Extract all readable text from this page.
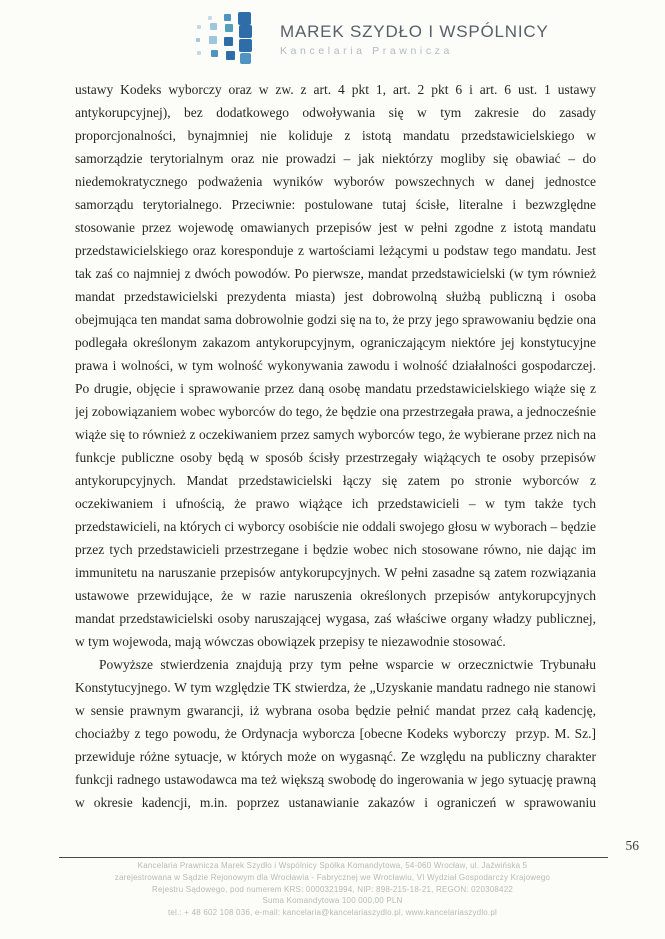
MAREK SZYDŁO I WSPÓLNICY
Kancelaria Prawnicza

ustawy Kodeks wyborczy oraz w zw. z art. 4 pkt 1, art. 2 pkt 6 i art. 6 ust. 1 ustawy antykorupcyjnej), bez dodatkowego odwoływania się w tym zakresie do zasady proporcjonalności, bynajmniej nie koliduje z istotą mandatu przedstawicielskiego w samorządzie terytorialnym oraz nie prowadzi – jak niektórzy mogliby się obawiać – do niedemokratycznego podważenia wyników wyborów powszechnych w danej jednostce samorządu terytorialnego. Przeciwnie: postulowane tutaj ścisłe, literalne i bezwzględne stosowanie przez wojewodę omawianych przepisów jest w pełni zgodne z istotą mandatu przedstawicielskiego oraz koresponduje z wartościami leżącymi u podstaw tego mandatu. Jest tak zaś co najmniej z dwóch powodów. Po pierwsze, mandat przedstawicielski (w tym również mandat przedstawicielski prezydenta miasta) jest dobrowolną służbą publiczną i osoba obejmująca ten mandat sama dobrowolnie godzi się na to, że przy jego sprawowaniu będzie ona podlegała określonym zakazom antykorupcyjnym, ograniczającym niektóre jej konstytucyjne prawa i wolności, w tym wolność wykonywania zawodu i wolność działalności gospodarczej. Po drugie, objęcie i sprawowanie przez daną osobę mandatu przedstawicielskiego wiąże się z jej zobowiązaniem wobec wyborców do tego, że będzie ona przestrzegała prawa, a jednocześnie wiąże się to również z oczekiwaniem przez samych wyborców tego, że wybierane przez nich na funkcje publiczne osoby będą w sposób ścisły przestrzegały wiążących te osoby przepisów antykorupcyjnych. Mandat przedstawicielski łączy się zatem po stronie wyborców z oczekiwaniem i ufnością, że prawo wiążące ich przedstawicieli – w tym także tych przedstawicieli, na których ci wyborcy osobiście nie oddali swojego głosu w wyborach – będzie przez tych przedstawicieli przestrzegane i będzie wobec nich stosowane równo, nie dając im immunitetu na naruszanie przepisów antykorupcyjnych. W pełni zasadne są zatem rozwiązania ustawowe przewidujące, że w razie naruszenia określonych przepisów antykorupcyjnych mandat przedstawicielski osoby naruszającej wygasa, zaś właściwe organy władzy publicznej, w tym wojewoda, mają wówczas obowiązek przepisy te niezawodnie stosować.

Powyższe stwierdzenia znajdują przy tym pełne wsparcie w orzecznictwie Trybunału Konstytucyjnego. W tym względzie TK stwierdza, że „Uzyskanie mandatu radnego nie stanowi w sensie prawnym gwarancji, iż wybrana osoba będzie pełnić mandat przez całą kadencję, chociażby z tego powodu, że Ordynacja wyborcza [obecne Kodeks wyborczy  przyp. M. Sz.] przewiduje różne sytuacje, w których może on wygasnąć. Ze względu na publiczny charakter funkcji radnego ustawodawca ma też większą swobodę do ingerowania w jego sytuację prawną w okresie kadencji, m.in. poprzez ustanawianie zakazów i ograniczeń w sprawowaniu

56
Kancelaria Prawnicza Marek Szydło i Wspólnicy Spółka Komandytowa, 54-060 Wrocław, ul. Jaźwińska 5
zarejestrowana w Sądzie Rejonowym dla Wrocławia - Fabrycznej we Wrocławiu, VI Wydział Gospodarczy Krajowego
Rejestru Sądowego, pod numerem KRS: 0000321994, NIP: 898-215-18-21, REGON: 020308422
Suma Komandytowa 100 000,00 PLN
tel.: + 48 602 108 036, e-mail: kancelaria@kancelariaszydlo.pl, www.kancelariaszydlo.pl
